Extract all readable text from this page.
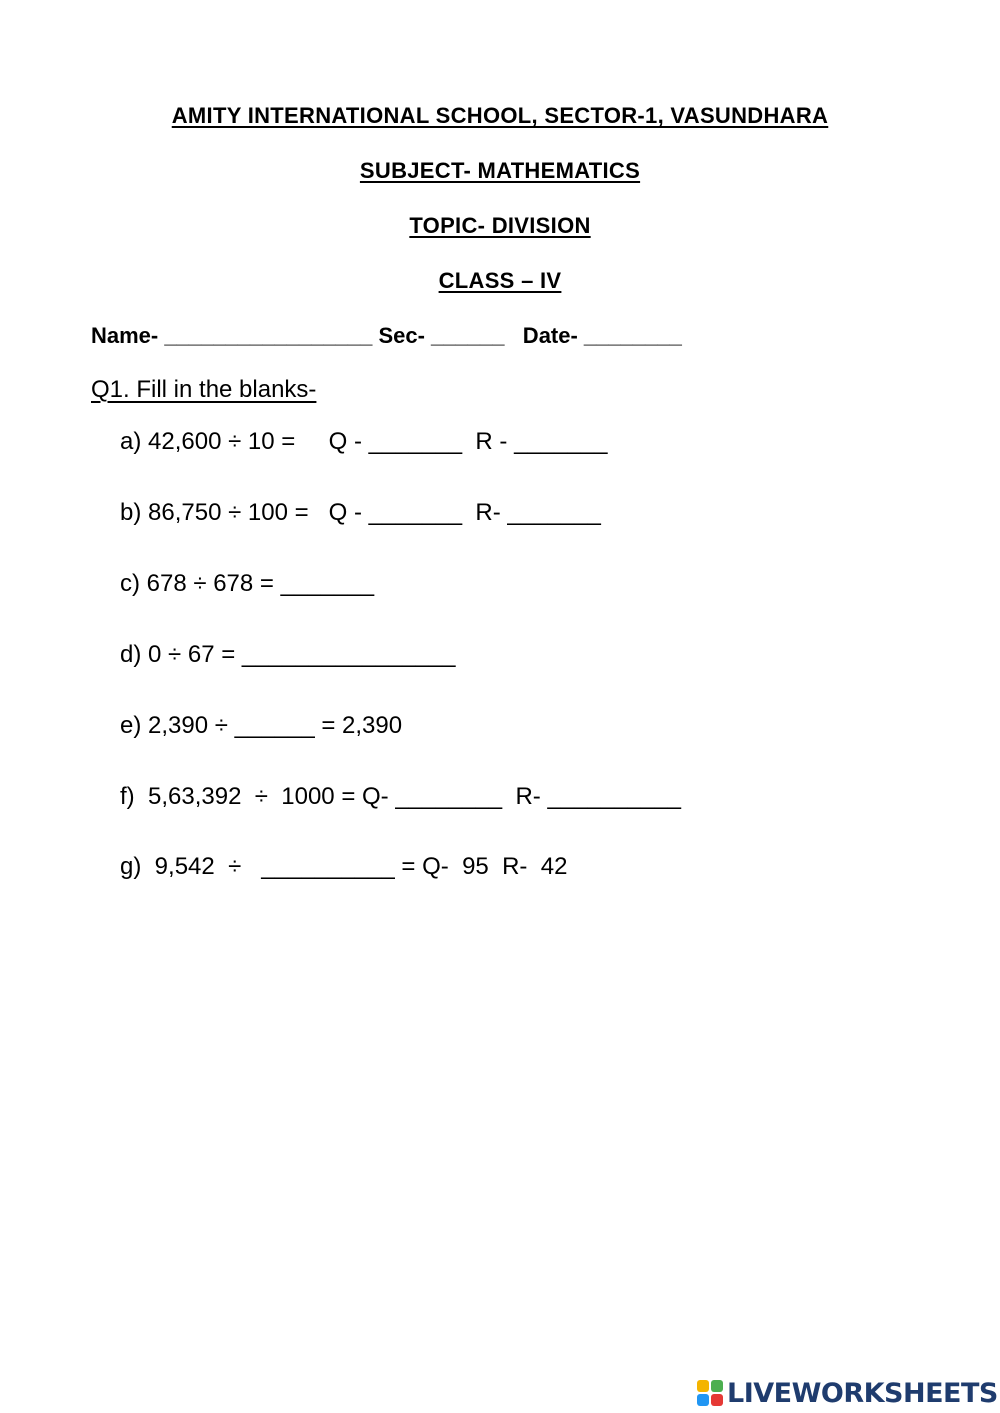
AMITY INTERNATIONAL SCHOOL, SECTOR-1, VASUNDHARA
SUBJECT- MATHEMATICS
TOPIC- DIVISION
CLASS – IV
Name- _________________ Sec- ______   Date- ________
Q1. Fill in the blanks-
a) 42,600 ÷ 10 =     Q - _______  R - _______
b) 86,750 ÷ 100 =   Q - _______  R- _______
c) 678 ÷ 678 = _______
d) 0 ÷ 67 = ________________
e) 2,390 ÷ ______ = 2,390
f)  5,63,392  ÷  1000 = Q- ________  R- __________
g)  9,542  ÷   __________ = Q-  95  R-  42
LIVEWORKSHEETS
